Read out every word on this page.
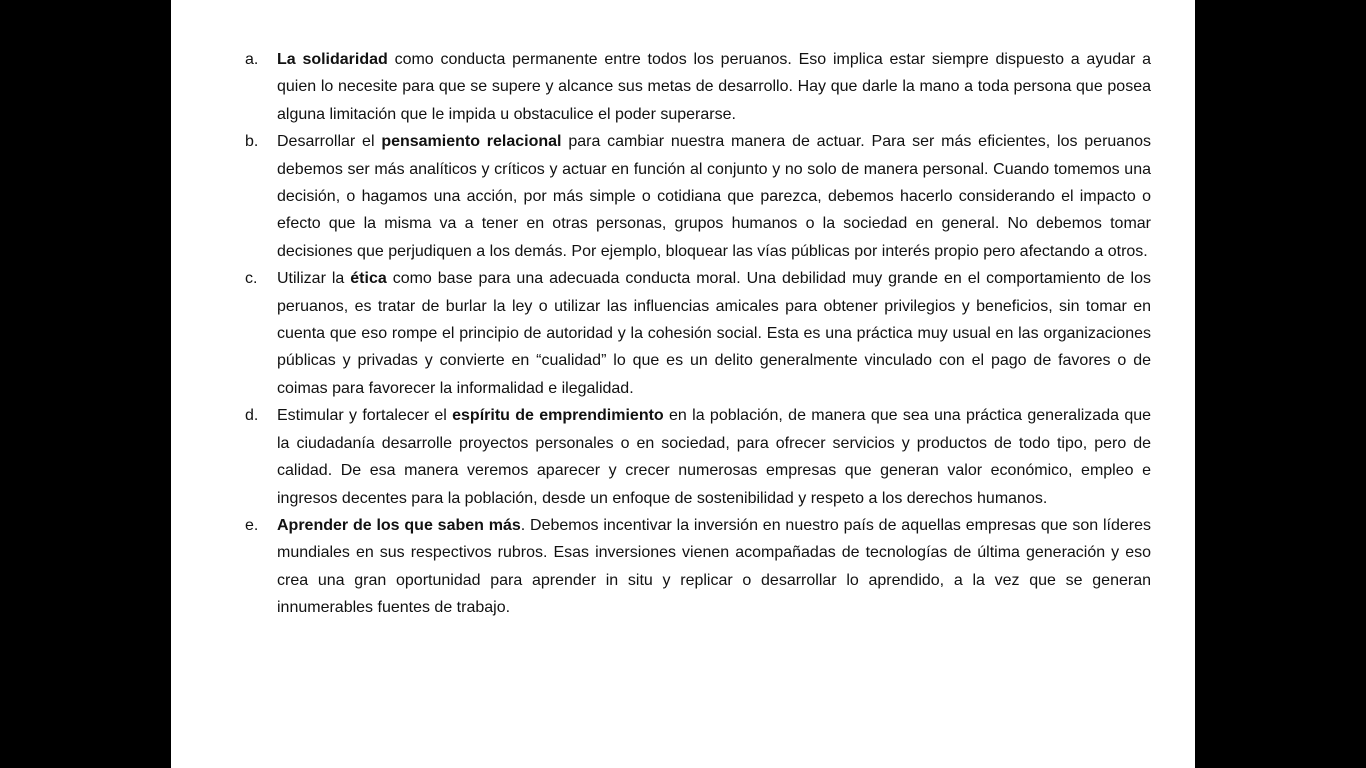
a. La solidaridad como conducta permanente entre todos los peruanos. Eso implica estar siempre dispuesto a ayudar a quien lo necesite para que se supere y alcance sus metas de desarrollo. Hay que darle la mano a toda persona que posea alguna limitación que le impida u obstaculice el poder superarse.
b. Desarrollar el pensamiento relacional para cambiar nuestra manera de actuar. Para ser más eficientes, los peruanos debemos ser más analíticos y críticos y actuar en función al conjunto y no solo de manera personal. Cuando tomemos una decisión, o hagamos una acción, por más simple o cotidiana que parezca, debemos hacerlo considerando el impacto o efecto que la misma va a tener en otras personas, grupos humanos o la sociedad en general. No debemos tomar decisiones que perjudiquen a los demás. Por ejemplo, bloquear las vías públicas por interés propio pero afectando a otros.
c. Utilizar la ética como base para una adecuada conducta moral. Una debilidad muy grande en el comportamiento de los peruanos, es tratar de burlar la ley o utilizar las influencias amicales para obtener privilegios y beneficios, sin tomar en cuenta que eso rompe el principio de autoridad y la cohesión social. Esta es una práctica muy usual en las organizaciones públicas y privadas y convierte en “cualidad” lo que es un delito generalmente vinculado con el pago de favores o de coimas para favorecer la informalidad e ilegalidad.
d. Estimular y fortalecer el espíritu de emprendimiento en la población, de manera que sea una práctica generalizada que la ciudadanía desarrolle proyectos personales o en sociedad, para ofrecer servicios y productos de todo tipo, pero de calidad. De esa manera veremos aparecer y crecer numerosas empresas que generan valor económico, empleo e ingresos decentes para la población, desde un enfoque de sostenibilidad y respeto a los derechos humanos.
e. Aprender de los que saben más. Debemos incentivar la inversión en nuestro país de aquellas empresas que son líderes mundiales en sus respectivos rubros. Esas inversiones vienen acompañadas de tecnologías de última generación y eso crea una gran oportunidad para aprender in situ y replicar o desarrollar lo aprendido, a la vez que se generan innumerables fuentes de trabajo.
